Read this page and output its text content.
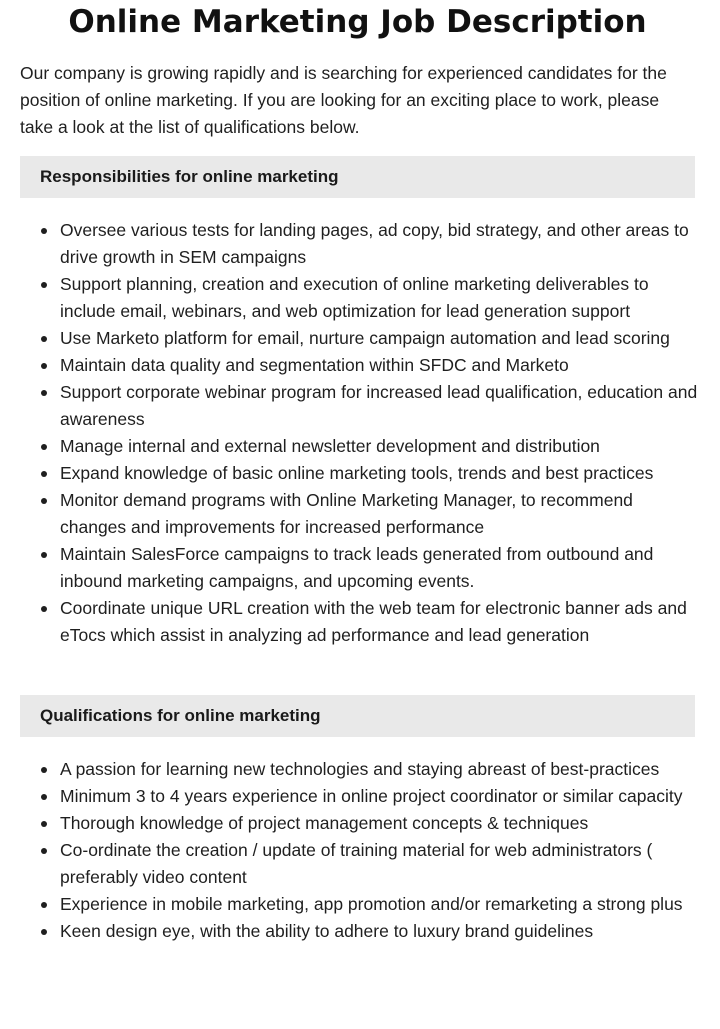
Online Marketing Job Description

Our company is growing rapidly and is searching for experienced candidates for the position of online marketing. If you are looking for an exciting place to work, please take a look at the list of qualifications below.

Responsibilities for online marketing
Oversee various tests for landing pages, ad copy, bid strategy, and other areas to drive growth in SEM campaigns
Support planning, creation and execution of online marketing deliverables to include email, webinars, and web optimization for lead generation support
Use Marketo platform for email, nurture campaign automation and lead scoring
Maintain data quality and segmentation within SFDC and Marketo
Support corporate webinar program for increased lead qualification, education and awareness
Manage internal and external newsletter development and distribution
Expand knowledge of basic online marketing tools, trends and best practices
Monitor demand programs with Online Marketing Manager, to recommend changes and improvements for increased performance
Maintain SalesForce campaigns to track leads generated from outbound and inbound marketing campaigns, and upcoming events.
Coordinate unique URL creation with the web team for electronic banner ads and eTocs which assist in analyzing ad performance and lead generation
Qualifications for online marketing
A passion for learning new technologies and staying abreast of best-practices
Minimum 3 to 4 years experience in online project coordinator or similar capacity
Thorough knowledge of project management concepts & techniques
Co-ordinate the creation / update of training material for web administrators ( preferably video content
Experience in mobile marketing, app promotion and/or remarketing a strong plus
Keen design eye, with the ability to adhere to luxury brand guidelines
